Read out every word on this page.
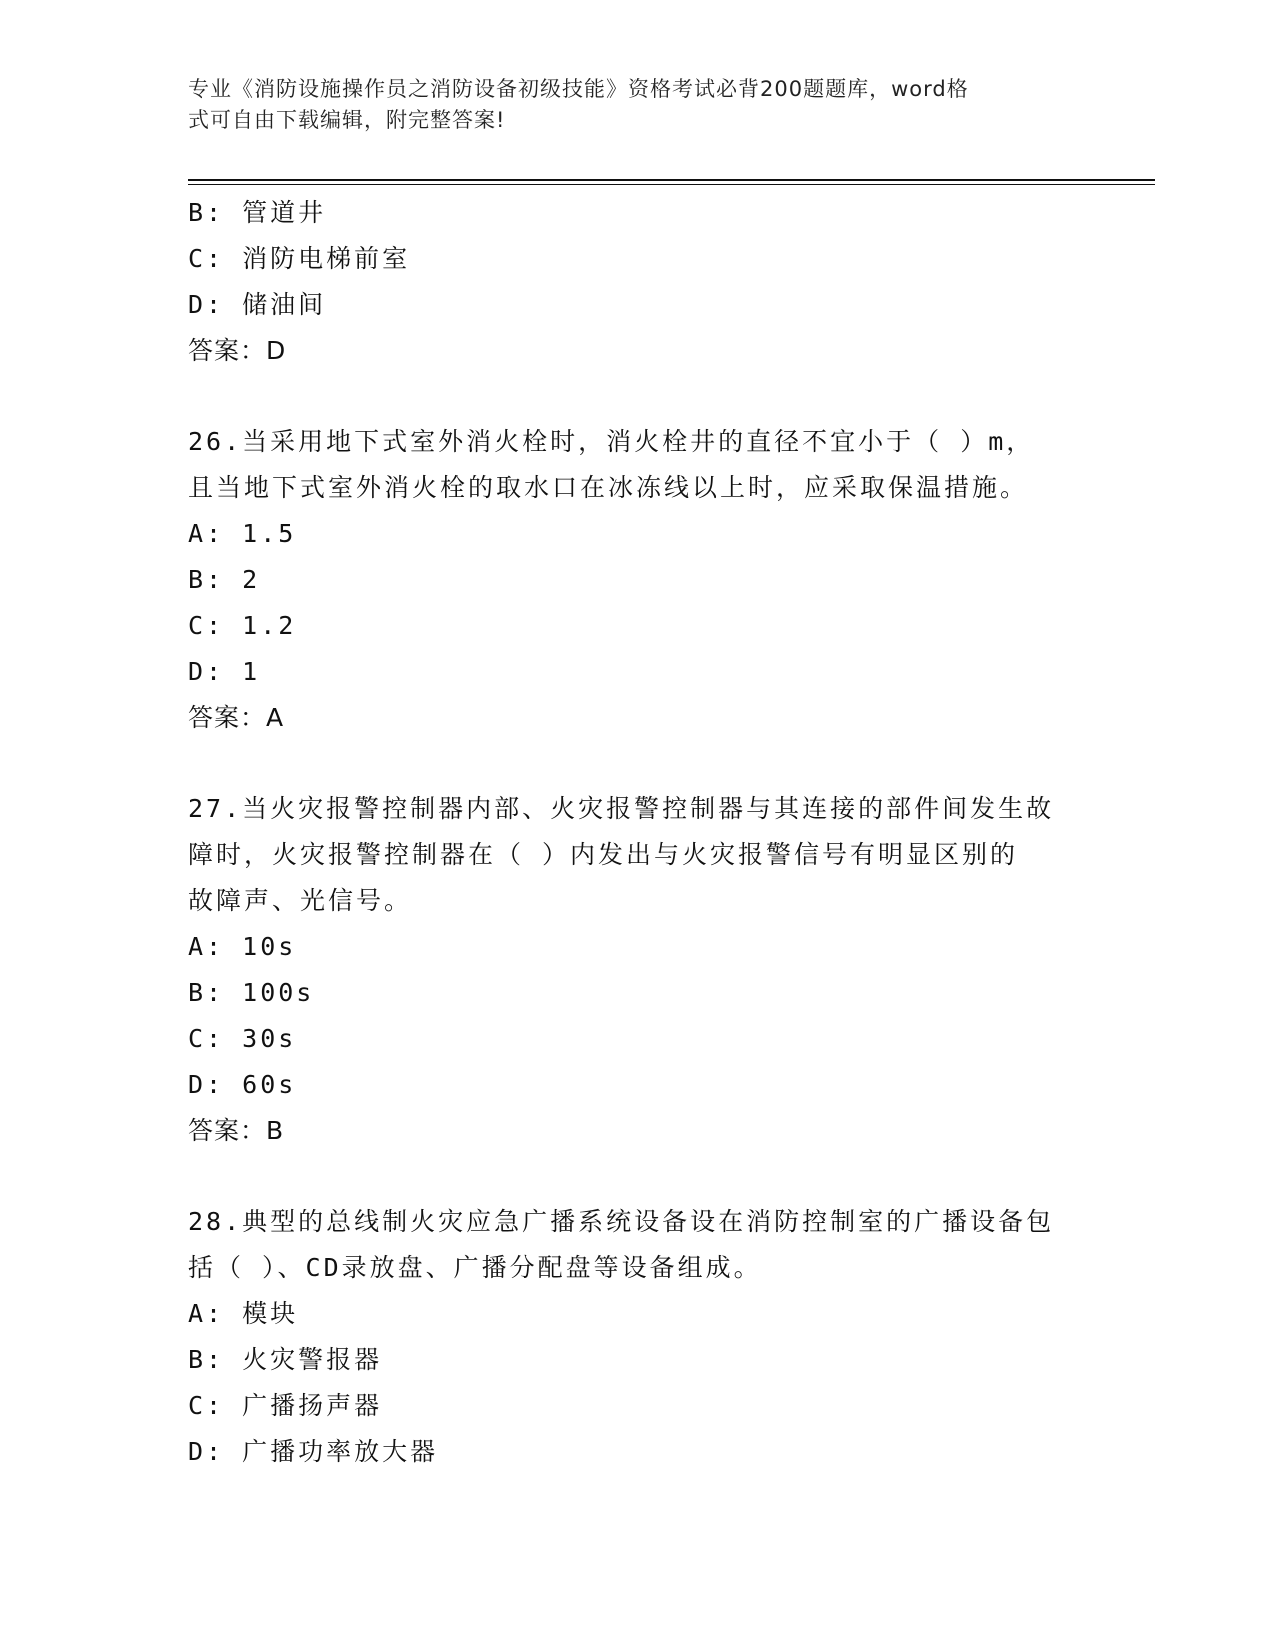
专业《消防设施操作员之消防设备初级技能》资格考试必背200题题库，word格
式可自由下载编辑，附完整答案!
B: 管道井
C: 消防电梯前室
D: 储油间
答案：D
26.当采用地下式室外消火栓时，消火栓井的直径不宜小于（ ）m，
且当地下式室外消火栓的取水口在冰冻线以上时，应采取保温措施。
A: 1.5
B: 2
C: 1.2
D: 1
答案：A
27.当火灾报警控制器内部、火灾报警控制器与其连接的部件间发生故
障时，火灾报警控制器在（ ）内发出与火灾报警信号有明显区别的
故障声、光信号。
A: 10s
B: 100s
C: 30s
D: 60s
答案：B
28.典型的总线制火灾应急广播系统设备设在消防控制室的广播设备包
括（ ）、CD录放盘、广播分配盘等设备组成。
A: 模块
B: 火灾警报器
C: 广播扬声器
D: 广播功率放大器
